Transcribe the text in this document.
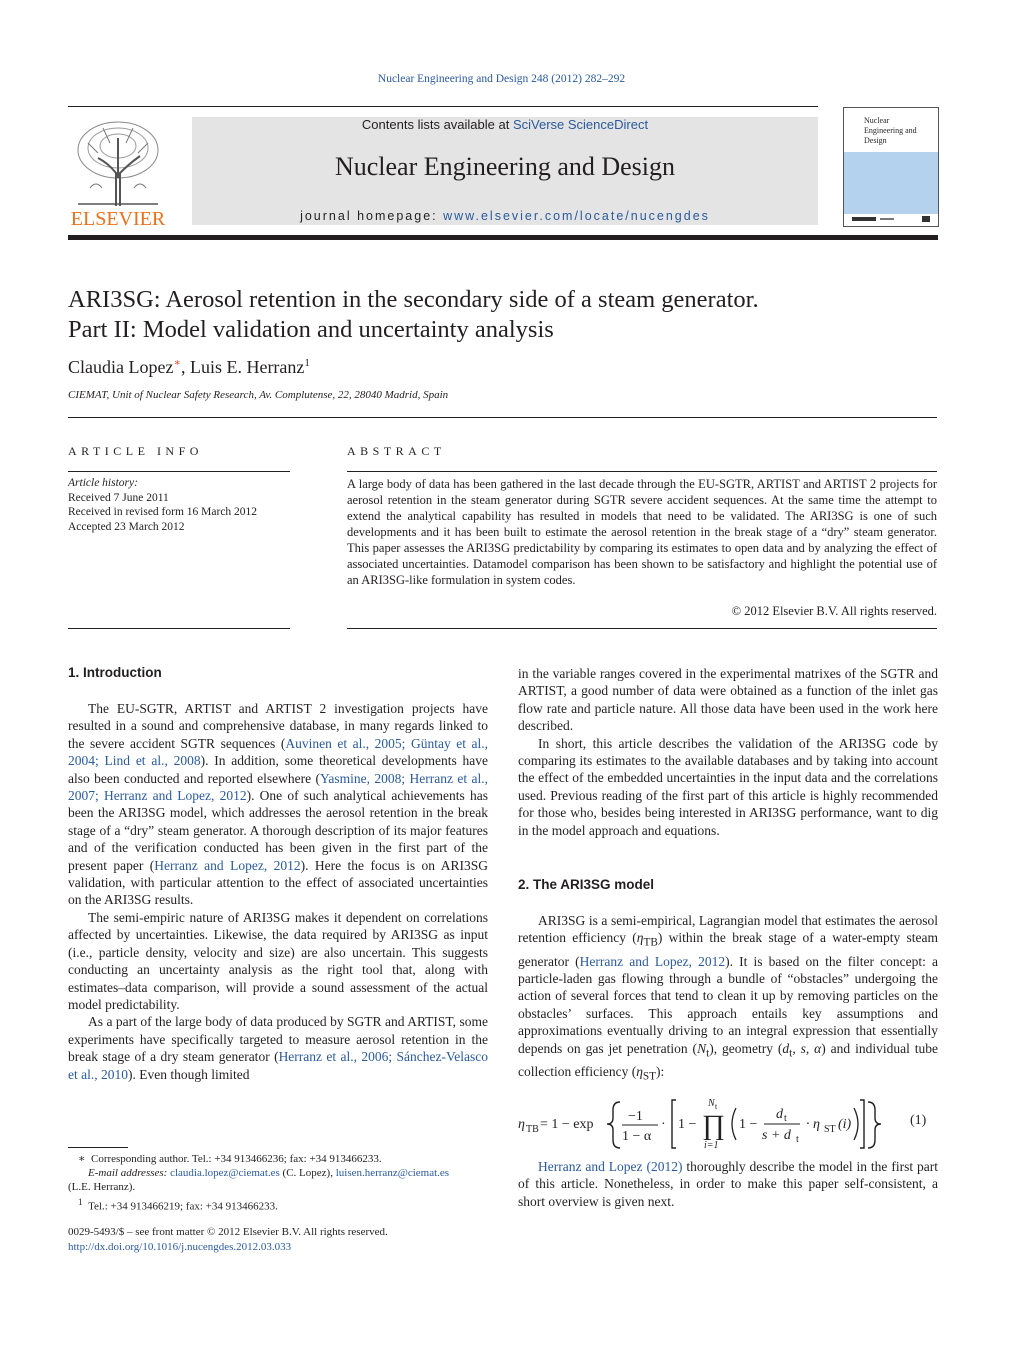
Nuclear Engineering and Design 248 (2012) 282–292
ELSEVIER
Contents lists available at SciVerse ScienceDirect
Nuclear Engineering and Design
journal homepage: www.elsevier.com/locate/nucengdes
Nuclear Engineering and Design
ARI3SG: Aerosol retention in the secondary side of a steam generator.
Part II: Model validation and uncertainty analysis
Claudia Lopez∗, Luis E. Herranz$^1$
CIEMAT, Unit of Nuclear Safety Research, Av. Complutense, 22, 28040 Madrid, Spain
ARTICLE INFO
Article history:
Received 7 June 2011
Received in revised form 16 March 2012
Accepted 23 March 2012
ABSTRACT
A large body of data has been gathered in the last decade through the EU-SGTR, ARTIST and ARTIST 2 projects for aerosol retention in the steam generator during SGTR severe accident sequences. At the same time the attempt to extend the analytical capability has resulted in models that need to be validated. The ARI3SG is one of such developments and it has been built to estimate the aerosol retention in the break stage of a “dry” steam generator. This paper assesses the ARI3SG predictability by comparing its estimates to open data and by analyzing the effect of associated uncertainties. Datamodel comparison has been shown to be satisfactory and highlight the potential use of an ARI3SG-like formulation in system codes.
© 2012 Elsevier B.V. All rights reserved.
1. Introduction

The EU-SGTR, ARTIST and ARTIST 2 investigation projects have resulted in a sound and comprehensive database, in many regards linked to the severe accident SGTR sequences (Auvinen et al., 2005; Güntay et al., 2004; Lind et al., 2008). In addition, some theoretical developments have also been conducted and reported elsewhere (Yasmine, 2008; Herranz et al., 2007; Herranz and Lopez, 2012). One of such analytical achievements has been the ARI3SG model, which addresses the aerosol retention in the break stage of a “dry” steam generator. A thorough description of its major features and of the verification conducted has been given in the first part of the present paper (Herranz and Lopez, 2012). Here the focus is on ARI3SG validation, with particular attention to the effect of associated uncertainties on the ARI3SG results.

The semi-empiric nature of ARI3SG makes it dependent on correlations affected by uncertainties. Likewise, the data required by ARI3SG as input (i.e., particle density, velocity and size) are also uncertain. This suggests conducting an uncertainty analysis as the right tool that, along with estimates–data comparison, will provide a sound assessment of the actual model predictability.

As a part of the large body of data produced by SGTR and ARTIST, some experiments have specifically targeted to measure aerosol retention in the break stage of a dry steam generator (Herranz et al., 2006; Sánchez-Velasco et al., 2010). Even though limited

in the variable ranges covered in the experimental matrixes of the SGTR and ARTIST, a good number of data were obtained as a function of the inlet gas flow rate and particle nature. All those data have been used in the work here described.

In short, this article describes the validation of the ARI3SG code by comparing its estimates to the available databases and by taking into account the effect of the embedded uncertainties in the input data and the correlations used. Previous reading of the first part of this article is highly recommended for those who, besides being interested in ARI3SG performance, want to dig in the model approach and equations.

2. The ARI3SG model

ARI3SG is a semi-empirical, Lagrangian model that estimates the aerosol retention efficiency $(\eta_{TB})$ within the break stage of a water-empty steam generator (Herranz and Lopez, 2012). It is based on the filter concept: a particle-laden gas flowing through a bundle of “obstacles” undergoing the action of several forces that tend to clean it up by removing particles on the obstacles’ surfaces. This approach entails key assumptions and approximations eventually driving to an integral expression that essentially depends on gas jet penetration $(N_t)$, geometry ($d_t$, s, α) and individual tube collection efficiency $(\eta_{ST})$:

η TB = 1 − exp
−1
1 − α
· 1 −
N t
∏
i=1
1 −
d t
s + d t
· η ST (i)	(1)

Herranz and Lopez (2012) thoroughly describe the model in the first part of this article. Nonetheless, in order to make this paper self-consistent, a short overview is given next.

∗ Corresponding author. Tel.: +34 913466236; fax: +34 913466233.

E-mail addresses: claudia.lopez@ciemat.es (C. Lopez), luisen.herranz@ciemat.es

(L.E. Herranz).

$^1$ Tel.: +34 913466219; fax: +34 913466233.

0029-5493/$ – see front matter © 2012 Elsevier B.V. All rights reserved.
http://dx.doi.org/10.1016/j.nucengdes.2012.03.033
